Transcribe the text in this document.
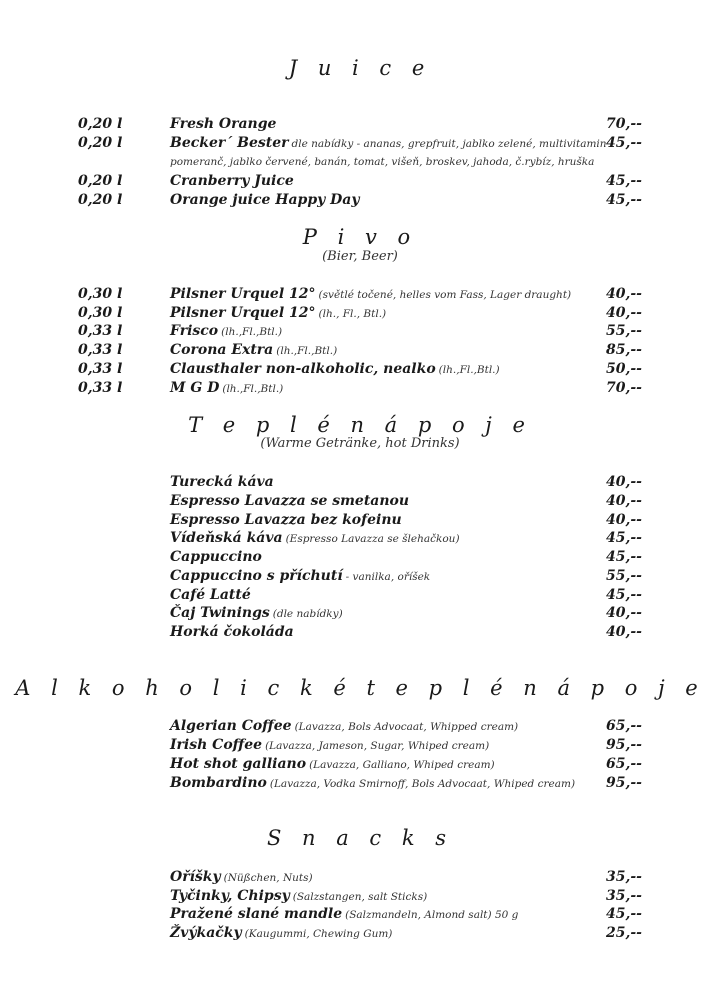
J u i c e
0,20 l	Fresh Orange	70,--
0,20 l	Becker´ Bester dle nabídky - ananas, grepfruit, jablko zelené, multivitamin 45,--
pomeranč, jablko červené, banán, tomat, višeň, broskev, jahoda, č.rybíz, hruška
0,20 l	Cranberry Juice	45,--
0,20 l	Orange juice Happy Day	45,--
P i v o
(Bier, Beer)
0,30 l	Pilsner Urquel 12° (světlé točené, helles vom Fass, Lager draught) 40,--
0,30 l	Pilsner Urquel 12° (lh., Fl., Btl.)	40,--
0,33 l	Frisco (lh.,Fl.,Btl.)	55,--
0,33 l	Corona Extra (lh.,Fl.,Btl.)	85,--
0,33 l	Clausthaler non-alkoholic, nealko (lh.,Fl.,Btl.)	50,--
0,33 l	M G D (lh.,Fl.,Btl.)	70,--
T e p l é n á p o j e
(Warme Getränke, hot Drinks)
Turecká káva	40,--
Espresso Lavazza se smetanou	40,--
Espresso Lavazza bez kofeinu	40,--
Vídeňská káva (Espresso Lavazza se šlehačkou)	45,--
Cappuccino	45,--
Cappuccino s příchutí - vanilka, oříšek	55,--
Café Latté	45,--
Čaj Twinings (dle nabídky)	40,--
Horká čokoláda	40,--
A l k o h o l i c k é t e p l é n á p o j e
Algerian Coffee (Lavazza, Bols Advocaat, Whipped cream)	65,--
Irish Coffee (Lavazza, Jameson, Sugar, Whiped cream)	95,--
Hot shot galliano (Lavazza, Galliano, Whiped cream)	65,--
Bombardino (Lavazza, Vodka Smirnoff, Bols Advocaat, Whiped cream) 95,--
S n a c k s
Oříšky (Nüßchen, Nuts)	35,--
Tyčinky, Chipsy (Salzstangen, salt Sticks)	35,--
Pražené slané mandle (Salzmandeln, Almond salt) 50 g	45,--
Žvýkačky (Kaugummi, Chewing Gum)	25,--
